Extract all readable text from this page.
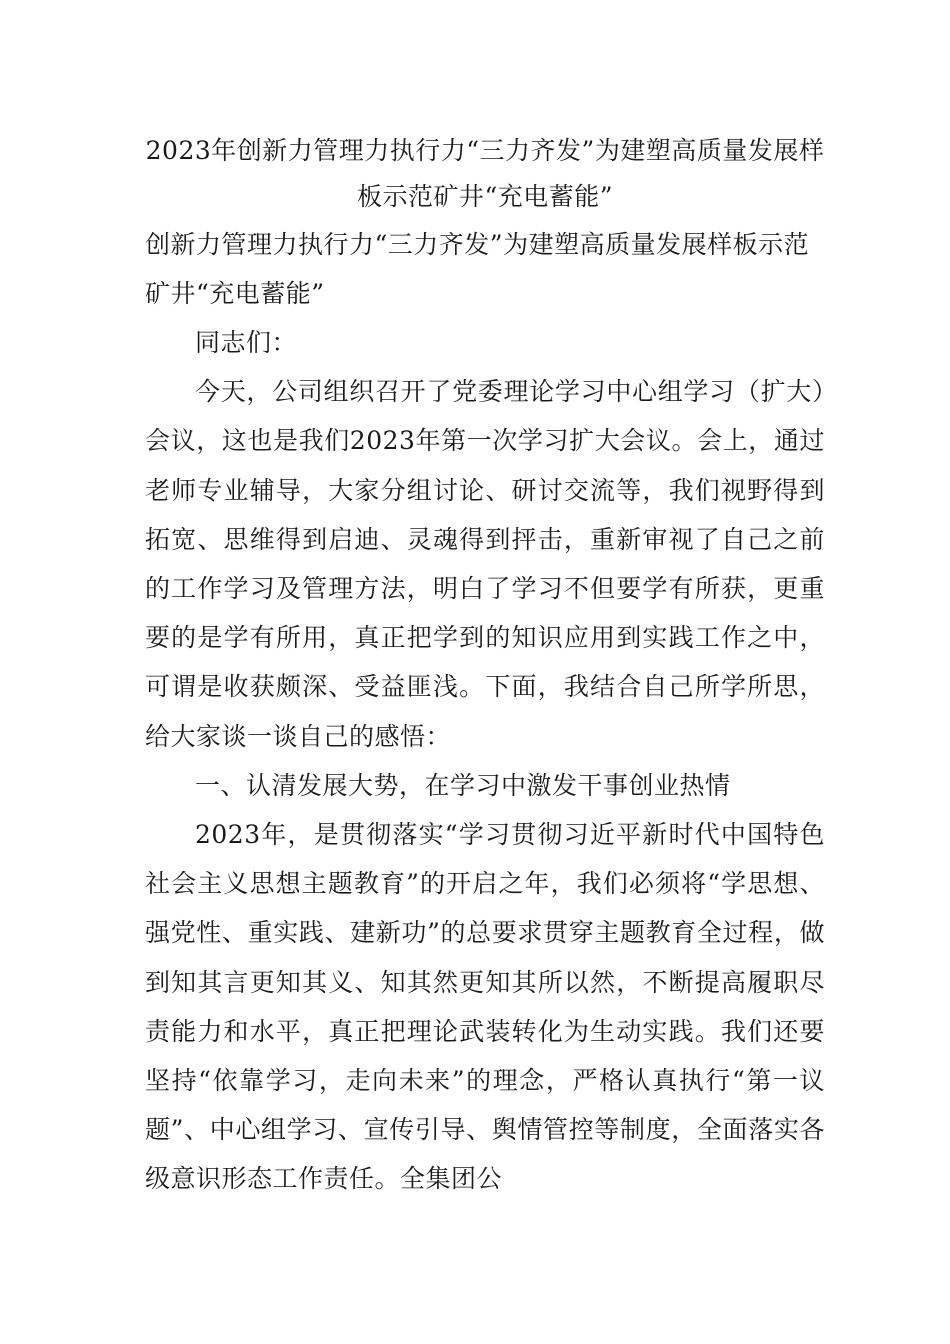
2023年创新力管理力执行力“三力齐发”为建塑高质量发展样板示范矿井“充电蓄能”

创新力管理力执行力“三力齐发”为建塑高质量发展样板示范矿井“充电蓄能”

同志们：

今天，公司组织召开了党委理论学习中心组学习（扩大）会议，这也是我们2023年第一次学习扩大会议。会上，通过老师专业辅导，大家分组讨论、研讨交流等，我们视野得到拓宽、思维得到启迪、灵魂得到抨击，重新审视了自己之前的工作学习及管理方法，明白了学习不但要学有所获，更重要的是学有所用，真正把学到的知识应用到实践工作之中，可谓是收获颇深、受益匪浅。下面，我结合自己所学所思，给大家谈一谈自己的感悟：

一、认清发展大势，在学习中激发干事创业热情

2023年，是贯彻落实“学习贯彻习近平新时代中国特色社会主义思想主题教育”的开启之年，我们必须将“学思想、强党性、重实践、建新功”的总要求贯穿主题教育全过程，做到知其言更知其义、知其然更知其所以然，不断提高履职尽责能力和水平，真正把理论武装转化为生动实践。我们还要坚持“依靠学习，走向未来”的理念，严格认真执行“第一议题”、中心组学习、宣传引导、舆情管控等制度，全面落实各级意识形态工作责任。全集团公
